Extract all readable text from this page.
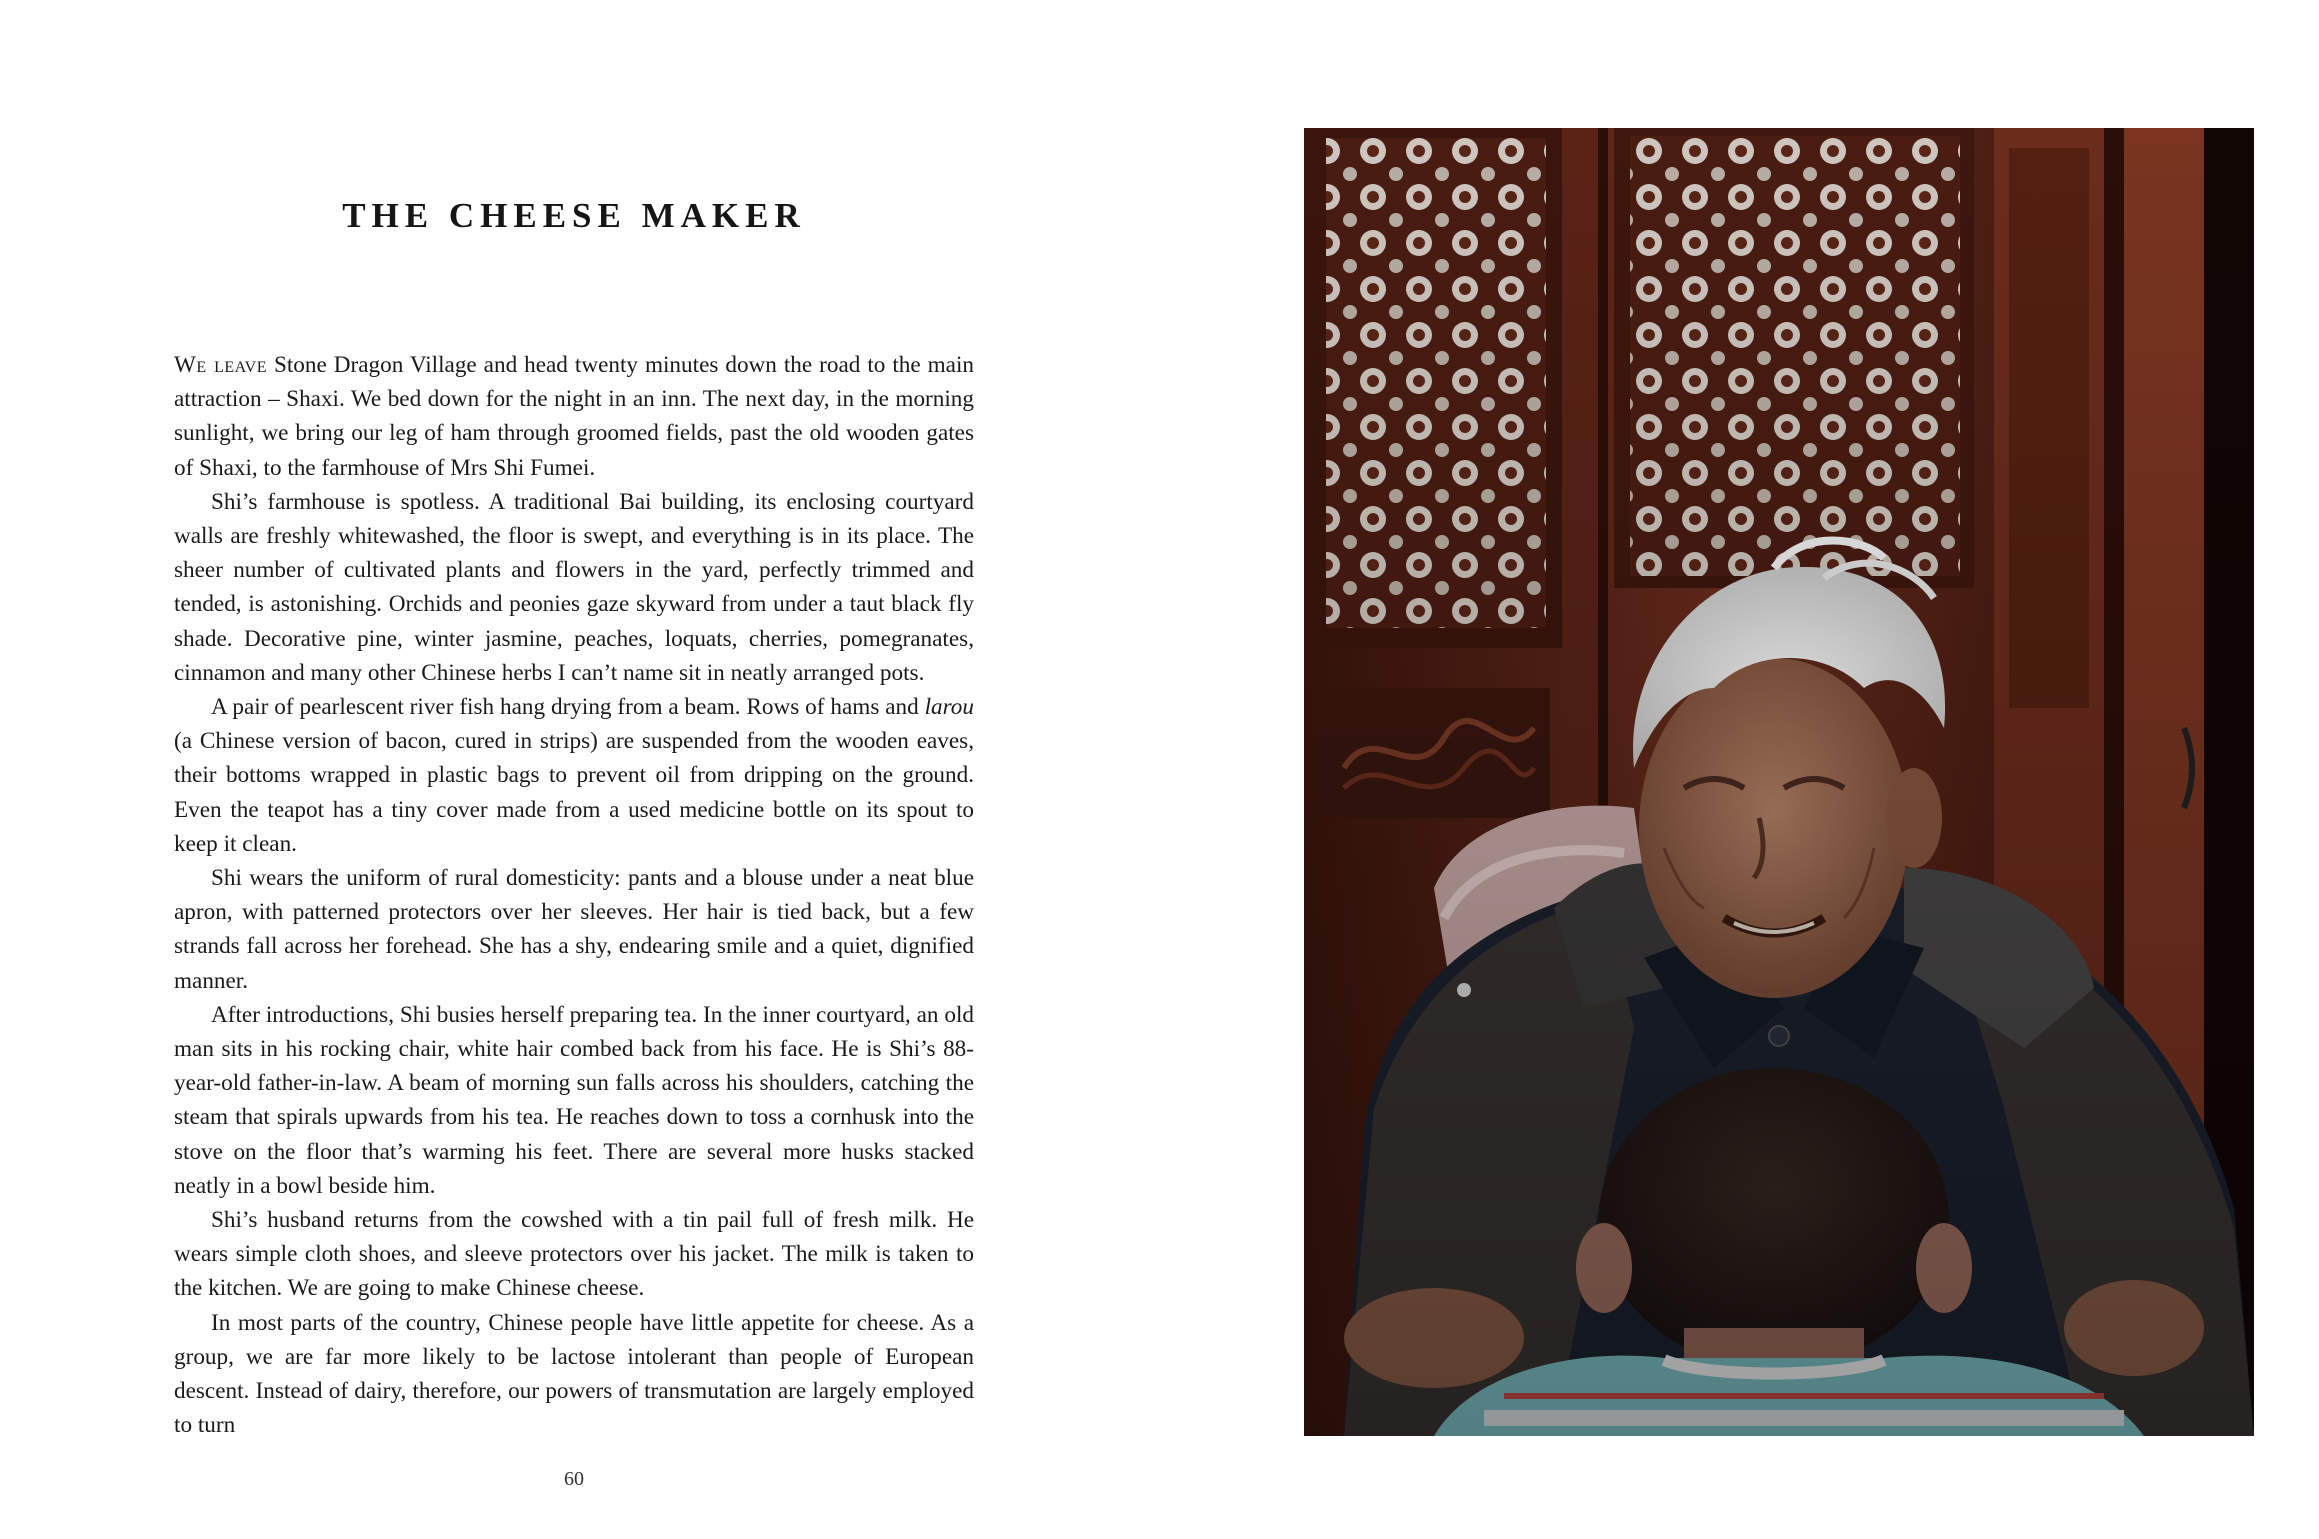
THE CHEESE MAKER

We leave Stone Dragon Village and head twenty minutes down the road to the main attraction – Shaxi. We bed down for the night in an inn. The next day, in the morning sunlight, we bring our leg of ham through groomed fields, past the old wooden gates of Shaxi, to the farmhouse of Mrs Shi Fumei.

Shi’s farmhouse is spotless. A traditional Bai building, its enclosing courtyard walls are freshly whitewashed, the floor is swept, and everything is in its place. The sheer number of cultivated plants and flowers in the yard, perfectly trimmed and tended, is astonishing. Orchids and peonies gaze skyward from under a taut black fly shade. Decorative pine, winter jasmine, peaches, loquats, cherries, pomegranates, cinnamon and many other Chinese herbs I can’t name sit in neatly arranged pots.

A pair of pearlescent river fish hang drying from a beam. Rows of hams and larou (a Chinese version of bacon, cured in strips) are suspended from the wooden eaves, their bottoms wrapped in plastic bags to prevent oil from dripping on the ground. Even the teapot has a tiny cover made from a used medicine bottle on its spout to keep it clean.

Shi wears the uniform of rural domesticity: pants and a blouse under a neat blue apron, with patterned protectors over her sleeves. Her hair is tied back, but a few strands fall across her forehead. She has a shy, endearing smile and a quiet, dignified manner.

After introductions, Shi busies herself preparing tea. In the inner courtyard, an old man sits in his rocking chair, white hair combed back from his face. He is Shi’s 88-year-old father-in-law. A beam of morning sun falls across his shoulders, catching the steam that spirals upwards from his tea. He reaches down to toss a cornhusk into the stove on the floor that’s warming his feet. There are several more husks stacked neatly in a bowl beside him.

Shi’s husband returns from the cowshed with a tin pail full of fresh milk. He wears simple cloth shoes, and sleeve protectors over his jacket. The milk is taken to the kitchen. We are going to make Chinese cheese.

In most parts of the country, Chinese people have little appetite for cheese. As a group, we are far more likely to be lactose intolerant than people of European descent. Instead of dairy, therefore, our powers of transmutation are largely employed to turn

60
